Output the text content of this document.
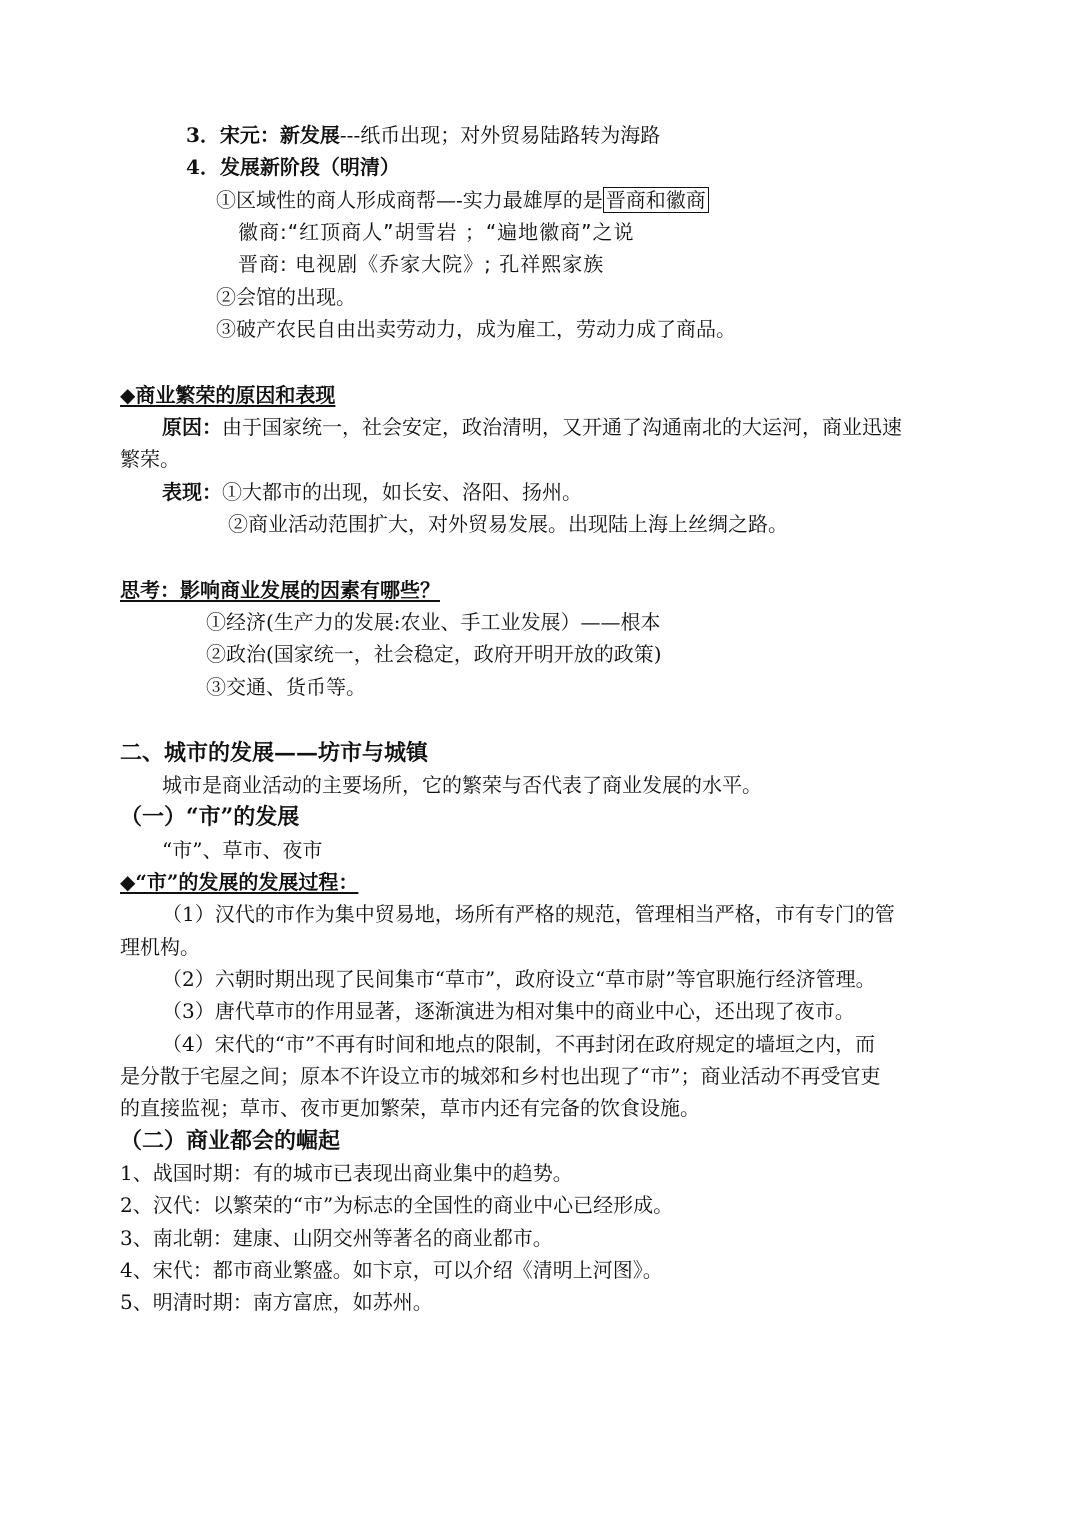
3．宋元：新发展---纸币出现；对外贸易陆路转为海路
4．发展新阶段（明清）
①区域性的商人形成商帮—-实力最雄厚的是 晋商和徽商
徽商:“红顶商人”胡雪岩 ；“遍地徽商”之说
晋商: 电视剧《乔家大院》; 孔祥熙家族
②会馆的出现。
③破产农民自由出卖劳动力，成为雇工，劳动力成了商品。
◆商业繁荣的原因和表现
原因：由于国家统一，社会安定，政治清明，又开通了沟通南北的大运河，商业迅速
繁荣。
表现：①大都市的出现，如长安、洛阳、扬州。
②商业活动范围扩大，对外贸易发展。出现陆上海上丝绸之路。
思考：影响商业发展的因素有哪些？
①经济(生产力的发展:农业、手工业发展）——根本
②政治(国家统一，社会稳定，政府开明开放的政策)
③交通、货币等。
二、城市的发展——坊市与城镇
城市是商业活动的主要场所，它的繁荣与否代表了商业发展的水平。
（一）“市”的发展
“市”、草市、夜市
◆“市”的发展的发展过程：
（1）汉代的市作为集中贸易地，场所有严格的规范，管理相当严格，市有专门的管
理机构。
（2）六朝时期出现了民间集市“草市”，政府设立“草市尉”等官职施行经济管理。
（3）唐代草市的作用显著，逐渐演进为相对集中的商业中心，还出现了夜市。
（4）宋代的“市”不再有时间和地点的限制，不再封闭在政府规定的墙垣之内，而
是分散于宅屋之间；原本不许设立市的城郊和乡村也出现了“市”；商业活动不再受官吏
的直接监视；草市、夜市更加繁荣，草市内还有完备的饮食设施。
（二）商业都会的崛起
1、战国时期：有的城市已表现出商业集中的趋势。
2、汉代：以繁荣的“市”为标志的全国性的商业中心已经形成。
3、南北朝：建康、山阴交州等著名的商业都市。
4、宋代：都市商业繁盛。如卞京，可以介绍《清明上河图》。
5、明清时期：南方富庶，如苏州。
